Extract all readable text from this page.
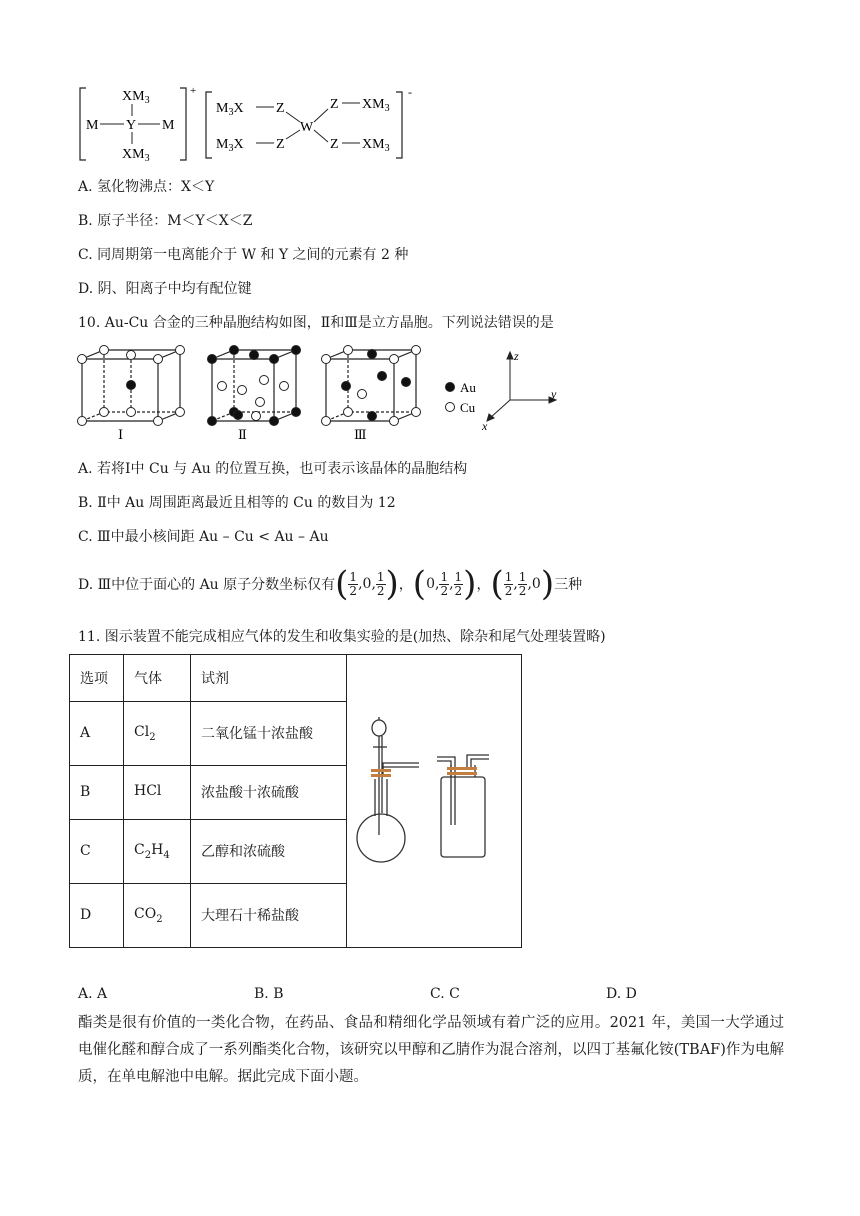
$XM_3$
M Y M
$XM_3$
+
$M_3X$ Z
$M_3X$ Z
W
Z $XM_3$
Z $XM_3$
-
A. 氢化物沸点：X＜Y
B. 原子半径：M＜Y＜X＜Z
C. 同周期第一电离能介于 W 和 Y 之间的元素有 2 种
D. 阴、阳离子中均有配位键
10. Au-Cu 合金的三种晶胞结构如图，Ⅱ和Ⅲ是立方晶胞。下列说法错误的是
Ⅰ	Ⅱ	Ⅲ
Au
Cu
z
y
x
A. 若将Ⅰ中 Cu 与 Au 的位置互换，也可表示该晶体的晶胞结构
B. Ⅱ中 Au 周围距离最近且相等的 Cu 的数目为 12
C. Ⅲ中最小核间距 Au – Cu < Au – Au
D. Ⅲ中位于面心的 Au 原子分数坐标仅有 ( $\frac{1}{2}$ , 0 , $\frac{1}{2}$ ) ， ( 0 , $\frac{1}{2}$ , $\frac{1}{2}$ ) ， ( $\frac{1}{2}$ , $\frac{1}{2}$ , 0 ) 三种
11. 图示装置不能完成相应气体的发生和收集实验的是(加热、除杂和尾气处理装置略)
选项	气体	试剂	
A	$Cl_2$	二氧化锰十浓盐酸	
B	HCl	浓盐酸十浓硫酸	
C	$C_2H_4$	乙醇和浓硫酸	
D	$CO_2$	大理石十稀盐酸	
A. A	B. B	C. C	D. D
酯类是很有价值的一类化合物，在药品、食品和精细化学品领域有着广泛的应用。2021 年，美国一大学通过电催化醛和醇合成了一系列酯类化合物，该研究以甲醇和乙腈作为混合溶剂，以四丁基氟化铵(TBAF)作为电解质，在单电解池中电解。据此完成下面小题。
